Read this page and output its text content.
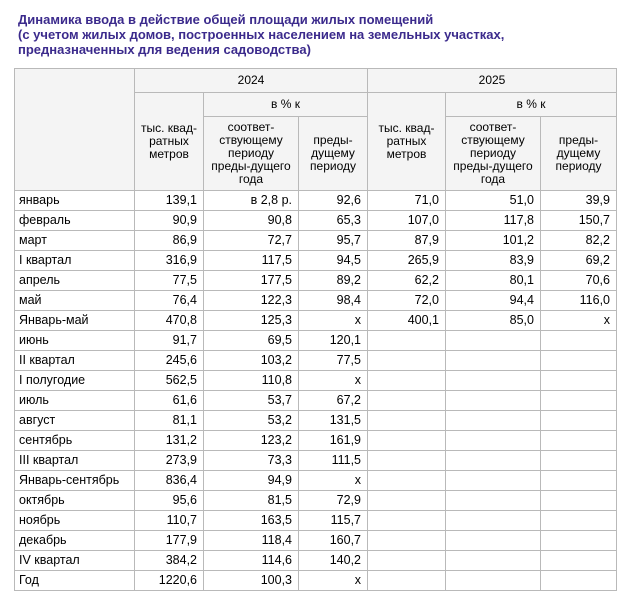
Динамика ввода в действие общей площади жилых помещений
(с учетом жилых домов, построенных населением на земельных участках,
предназначенных для ведения садоводства)
	2024			2025		
	тыс. квад-ратных метров	в % к		тыс. квад-ратных метров	в % к	
		соответ-ствующему периоду преды-дущего года	преды-дущему периоду		соответ-ствующему периоду преды-дущего года	преды-дущему периоду
январь	139,1	в 2,8 р.	92,6	71,0	51,0	39,9
февраль	90,9	90,8	65,3	107,0	117,8	150,7
март	86,9	72,7	95,7	87,9	101,2	82,2
I квартал	316,9	117,5	94,5	265,9	83,9	69,2
апрель	77,5	177,5	89,2	62,2	80,1	70,6
май	76,4	122,3	98,4	72,0	94,4	116,0
Январь-май	470,8	125,3	х	400,1	85,0	х
июнь	91,7	69,5	120,1			
II квартал	245,6	103,2	77,5			
I полугодие	562,5	110,8	х			
июль	61,6	53,7	67,2			
август	81,1	53,2	131,5			
сентябрь	131,2	123,2	161,9			
III квартал	273,9	73,3	111,5			
Январь-сентябрь	836,4	94,9	х			
октябрь	95,6	81,5	72,9			
ноябрь	110,7	163,5	115,7			
декабрь	177,9	118,4	160,7			
IV квартал	384,2	114,6	140,2			
Год	1220,6	100,3	х			
